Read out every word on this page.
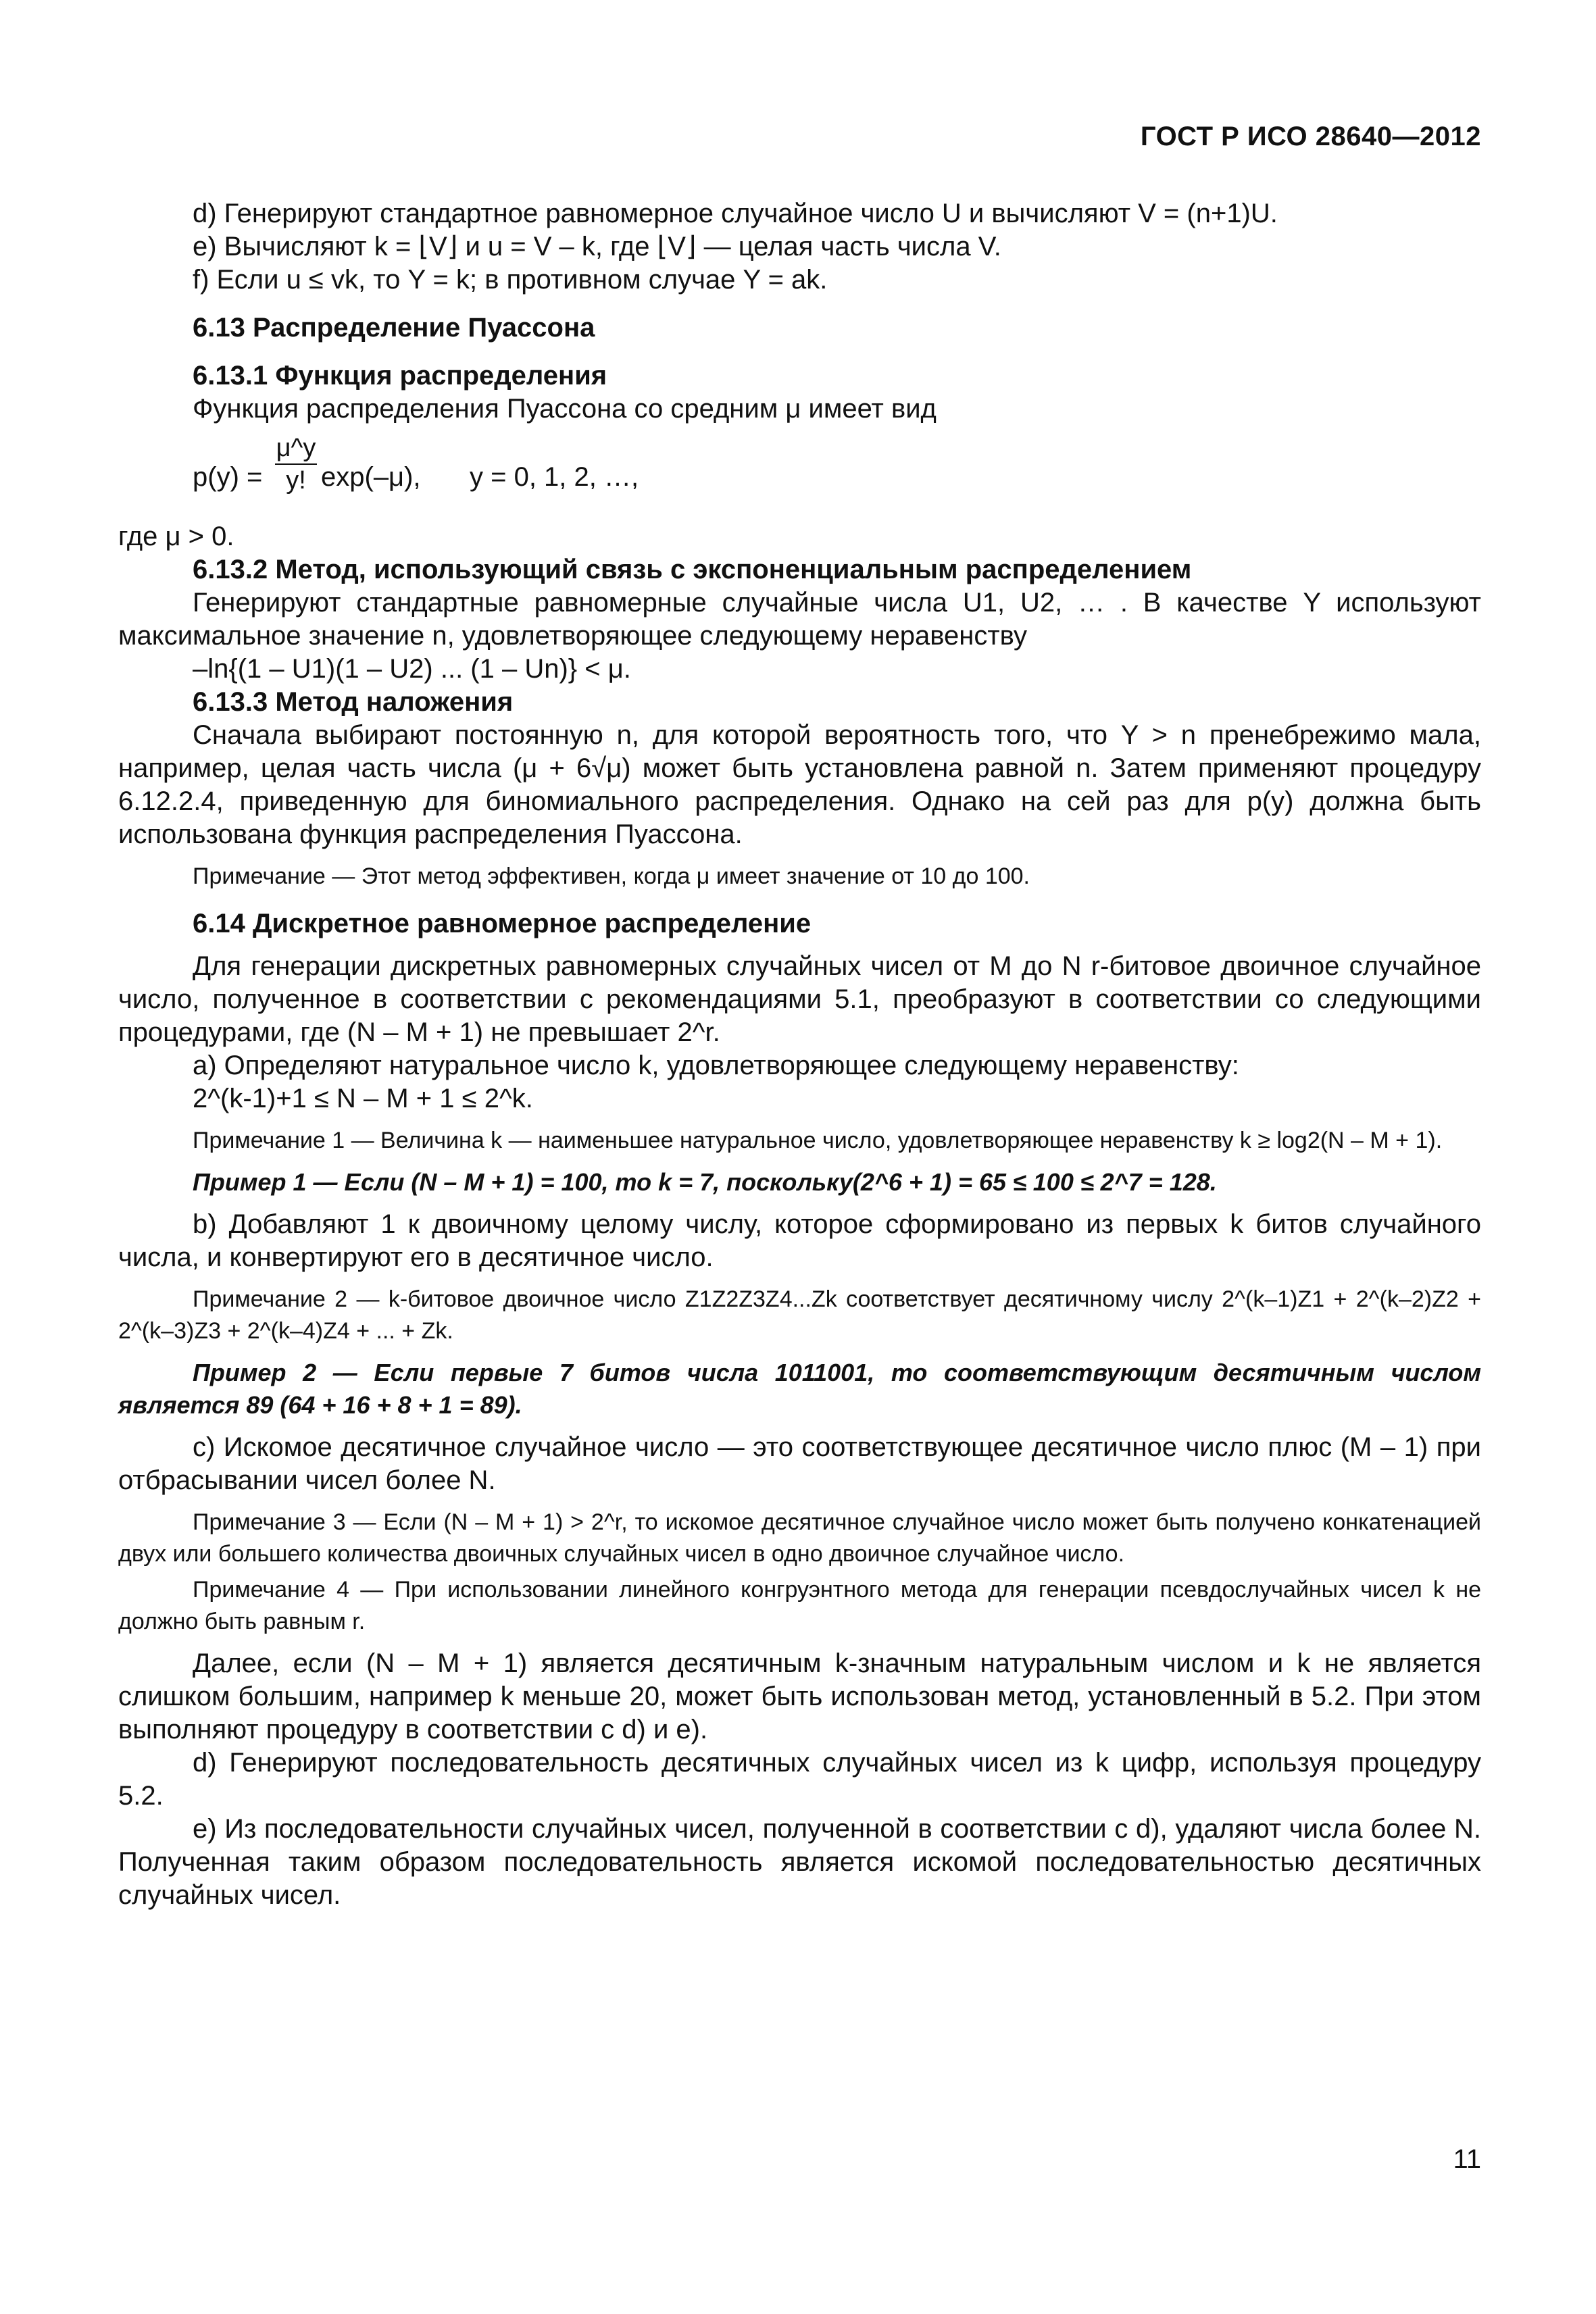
ГОСТ Р ИСО 28640—2012

d) Генерируют стандартное равномерное случайное число U и вычисляют V = (n+1)U.

e) Вычисляют k = ⌊V⌋ и u = V – k, где ⌊V⌋ — целая часть числа V.

f) Если u ≤ vk, то Y = k; в противном случае Y = ak.

6.13 Распределение Пуассона

6.13.1 Функция распределения

Функция распределения Пуассона со средним μ имеет вид

$p(y) = \frac{\mu\^{}y}{y!} \exp(-\mu)$, y = 0, 1, 2, …,

где μ > 0.

6.13.2 Метод, использующий связь с экспоненциальным распределением

Генерируют стандартные равномерные случайные числа U1, U2, … . В качестве Y используют максимальное значение n, удовлетворяющее следующему неравенству

–ln{(1 – U1)(1 – U2) ... (1 – Un)} < μ.

6.13.3 Метод наложения

Сначала выбирают постоянную n, для которой вероятность того, что Y > n пренебрежимо мала, например, целая часть числа (μ + 6√μ) может быть установлена равной n. Затем применяют процедуру 6.12.2.4, приведенную для биномиального распределения. Однако на сей раз для p(y) должна быть использована функция распределения Пуассона.

Примечание — Этот метод эффективен, когда μ имеет значение от 10 до 100.

6.14 Дискретное равномерное распределение

Для генерации дискретных равномерных случайных чисел от M до N r-битовое двоичное случайное число, полученное в соответствии с рекомендациями 5.1, преобразуют в соответствии со следующими процедурами, где (N – M + 1) не превышает 2^r.

a) Определяют натуральное число k, удовлетворяющее следующему неравенству:

2^(k-1)+1 ≤ N – M + 1 ≤ 2^k.

Примечание 1 — Величина k — наименьшее натуральное число, удовлетворяющее неравенству k ≥ log2(N – M + 1).

Пример 1 — Если (N – M + 1) = 100, то k = 7, поскольку(2^6 + 1) = 65 ≤ 100 ≤ 2^7 = 128.

b) Добавляют 1 к двоичному целому числу, которое сформировано из первых k битов случайного числа, и конвертируют его в десятичное число.

Примечание 2 — k-битовое двоичное число Z1Z2Z3Z4...Zk соответствует десятичному числу 2^(k–1)Z1 + 2^(k–2)Z2 + 2^(k–3)Z3 + 2^(k–4)Z4 + ... + Zk.

Пример 2 — Если первые 7 битов числа 1011001, то соответствующим десятичным числом является 89 (64 + 16 + 8 + 1 = 89).

c) Искомое десятичное случайное число — это соответствующее десятичное число плюс (M – 1) при отбрасывании чисел более N.

Примечание 3 — Если (N – M + 1) > 2^r, то искомое десятичное случайное число может быть получено конкатенацией двух или большего количества двоичных случайных чисел в одно двоичное случайное число.

Примечание 4 — При использовании линейного конгруэнтного метода для генерации псевдослучайных чисел k не должно быть равным r.

Далее, если (N – M + 1) является десятичным k-значным натуральным числом и k не является слишком большим, например k меньше 20, может быть использован метод, установленный в 5.2. При этом выполняют процедуру в соответствии с d) и e).

d) Генерируют последовательность десятичных случайных чисел из k цифр, используя процедуру 5.2.

e) Из последовательности случайных чисел, полученной в соответствии с d), удаляют числа более N. Полученная таким образом последовательность является искомой последовательностью десятичных случайных чисел.

11
